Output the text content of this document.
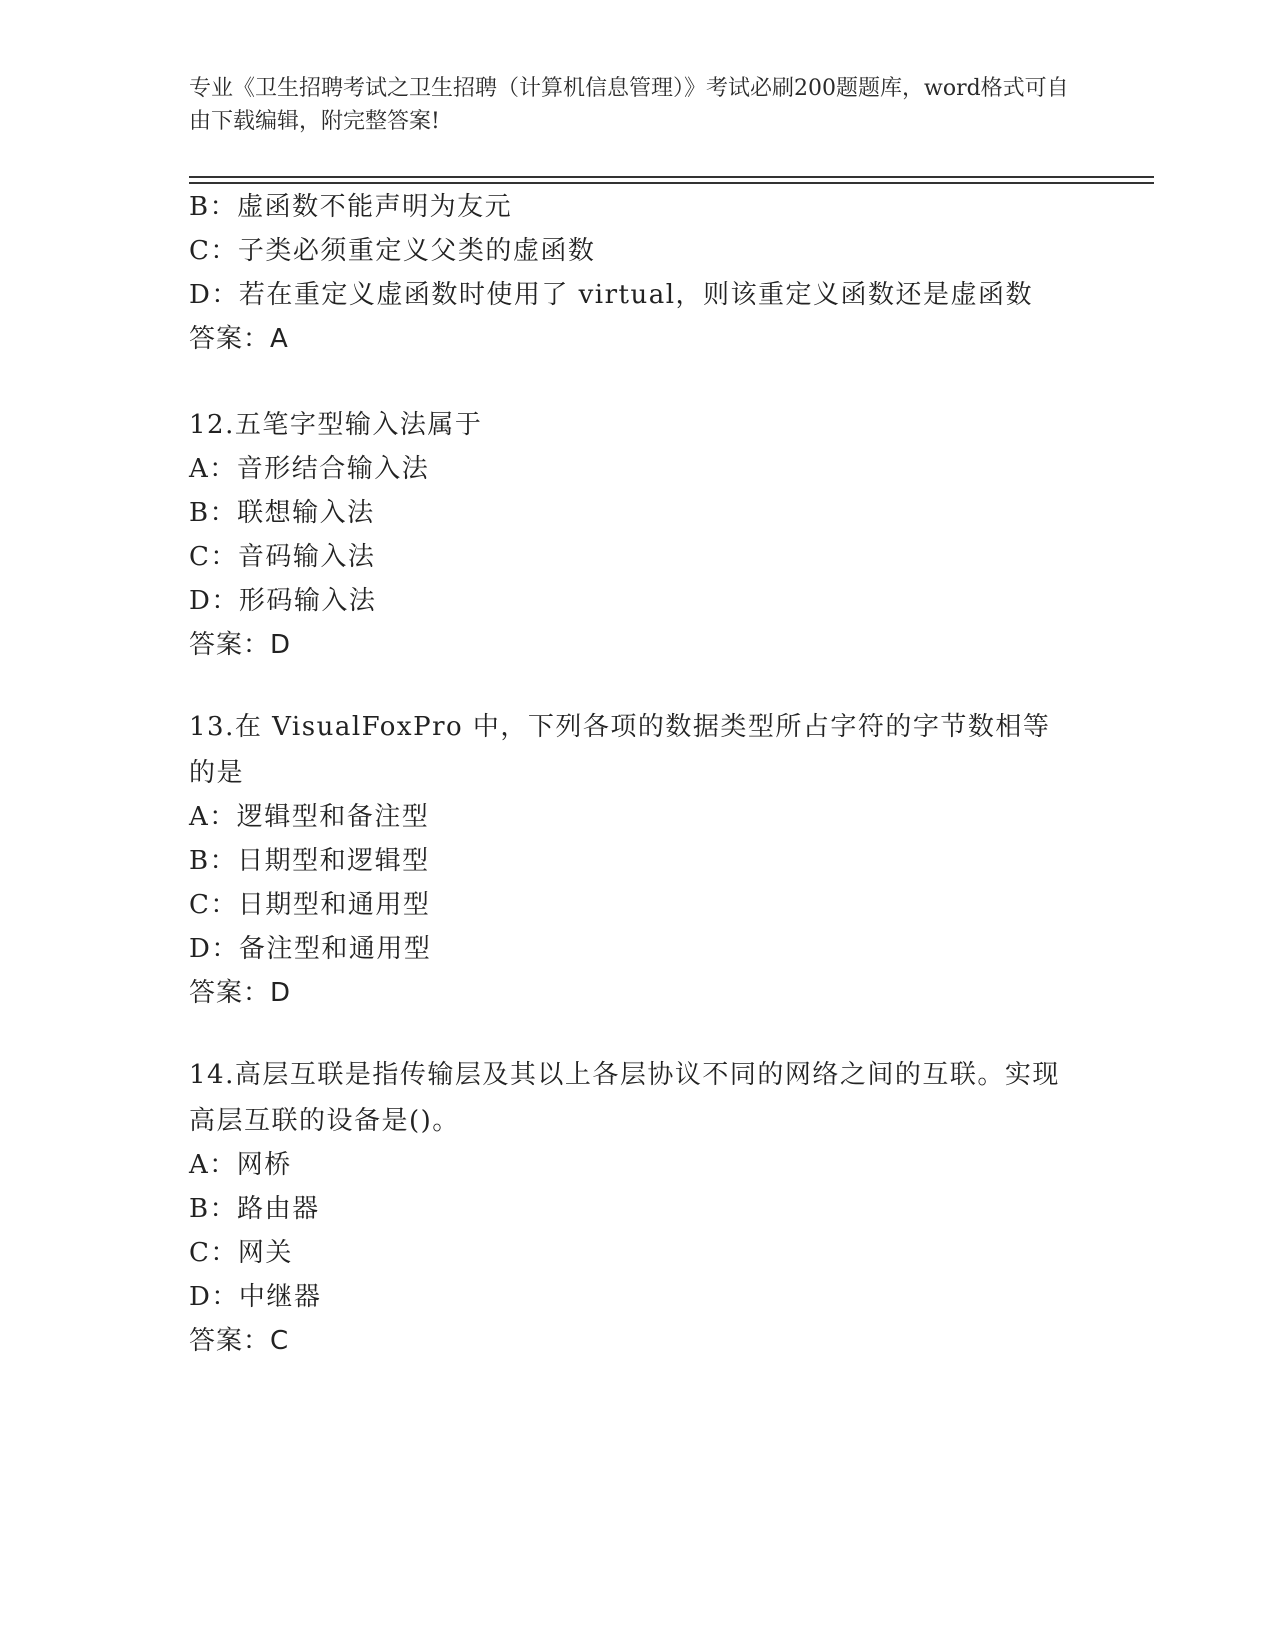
专业《卫生招聘考试之卫生招聘（计算机信息管理）》考试必刷200题题库，word格式可自由下载编辑，附完整答案!
B：虚函数不能声明为友元
C：子类必须重定义父类的虚函数
D：若在重定义虚函数时使用了 virtual，则该重定义函数还是虚函数
答案：A
12.五笔字型输入法属于
A：音形结合输入法
B：联想输入法
C：音码输入法
D：形码输入法
答案：D
13.在 VisualFoxPro 中，下列各项的数据类型所占字符的字节数相等的是
A：逻辑型和备注型
B：日期型和逻辑型
C：日期型和通用型
D：备注型和通用型
答案：D
14.高层互联是指传输层及其以上各层协议不同的网络之间的互联。实现高层互联的设备是()。
A：网桥
B：路由器
C：网关
D：中继器
答案：C
